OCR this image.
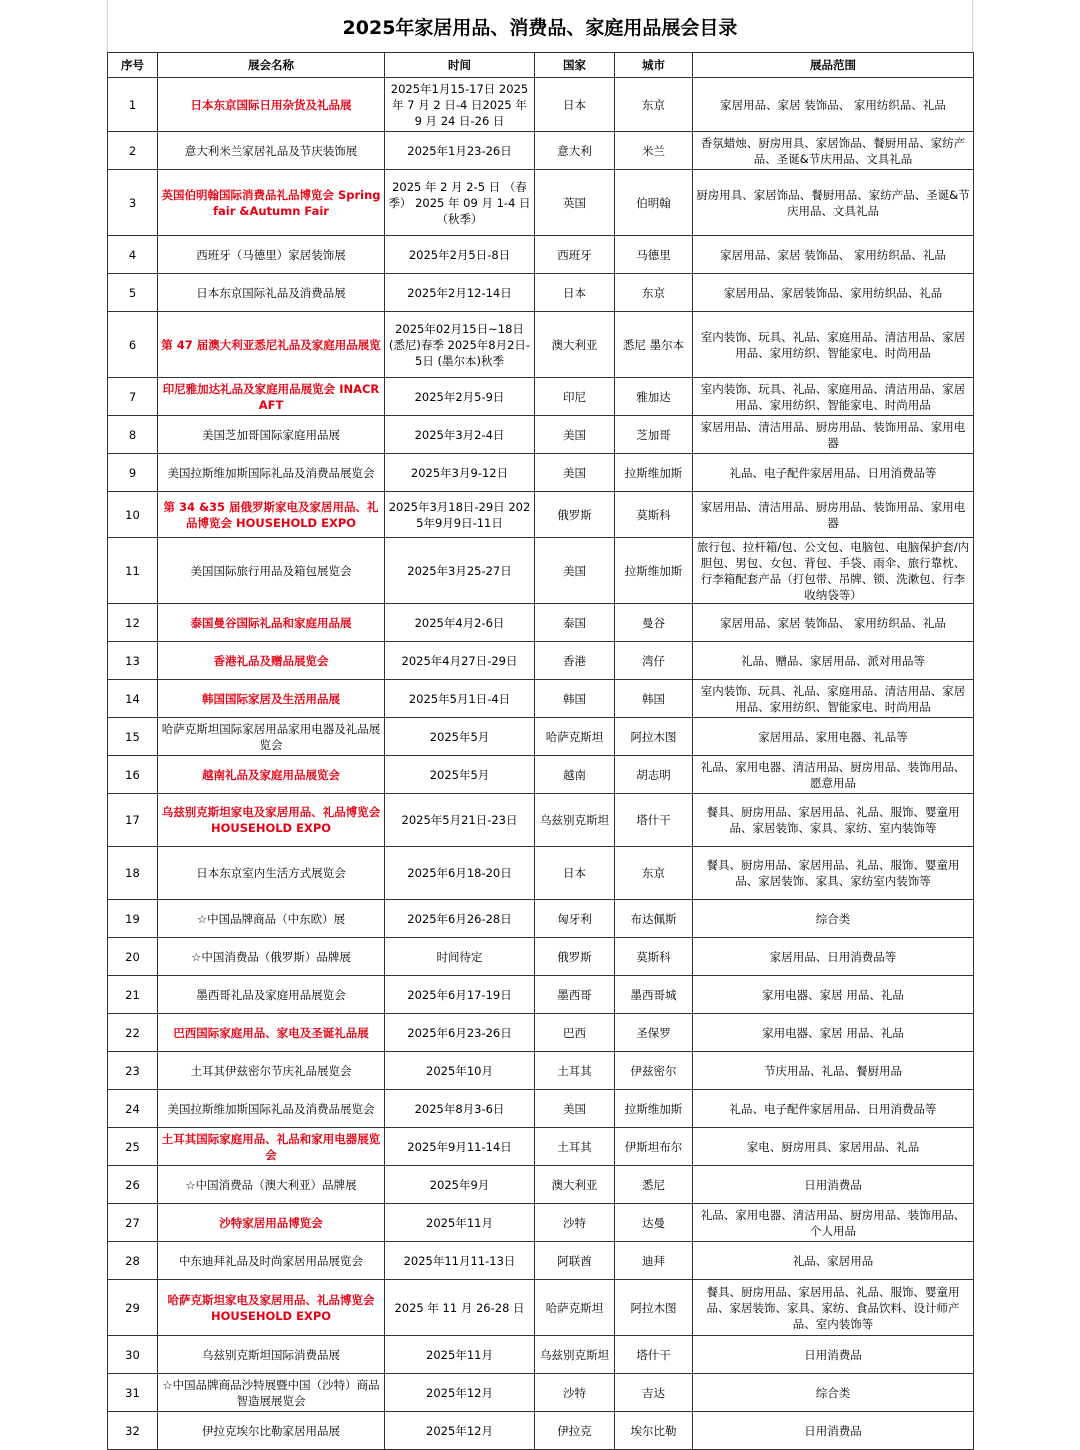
2025年家居用品、消费品、家庭用品展会目录
序号	展会名称	时间	国家	城市	展品范围
1	日本东京国际日用杂货及礼品展	2025年1月15-17日 2025年 7 月 2 日-4 日2025 年 9 月 24 日-26 日	日本	东京	家居用品、家居 装饰品、 家用纺织品、礼品
2	意大利米兰家居礼品及节庆装饰展	2025年1月23-26日	意大利	米兰	香氛蜡烛、厨房用具、家居饰品、餐厨用品、家纺产品、圣诞&节庆用品、文具礼品
3	英国伯明翰国际消费品礼品博览会 Spring fair &Autumn Fair	2025 年 2 月 2-5 日 （春季） 2025 年 09 月 1-4 日 （秋季）	英国	伯明翰	厨房用具、家居饰品、餐厨用品、家纺产品、圣诞&节庆用品、文具礼品
4	西班牙（马德里）家居装饰展	2025年2月5日-8日	西班牙	马德里	家居用品、家居 装饰品、 家用纺织品、礼品
5	日本东京国际礼品及消费品展	2025年2月12-14日	日本	东京	家居用品、家居装饰品、家用纺织品、礼品
6	第 47 届澳大利亚悉尼礼品及家庭用品展览	2025年02月15日~18日 (悉尼)春季 2025年8月2日-5日 (墨尔本)秋季	澳大利亚	悉尼 墨尔本	室内装饰、玩具、礼品、家庭用品、清洁用品、家居用品、家用纺织、智能家电、时尚用品
7	印尼雅加达礼品及家庭用品展览会 INACRAFT	2025年2月5-9日	印尼	雅加达	室内装饰、玩具、礼品、家庭用品、清洁用品、家居用品、家用纺织、智能家电、时尚用品
8	美国芝加哥国际家庭用品展	2025年3月2-4日	美国	芝加哥	家居用品、清洁用品、厨房用品、装饰用品、家用电器
9	美国拉斯维加斯国际礼品及消费品展览会	2025年3月9-12日	美国	拉斯维加斯	礼品、电子配件家居用品、日用消费品等
10	第 34 &35 届俄罗斯家电及家居用品、礼品博览会 HOUSEHOLD EXPO	2025年3月18日-29日 2025年9月9日-11日	俄罗斯	莫斯科	家居用品、清洁用品、厨房用品、装饰用品、家用电器
11	美国国际旅行用品及箱包展览会	2025年3月25-27日	美国	拉斯维加斯	旅行包、拉杆箱/包、公文包、电脑包、电脑保护套/内胆包、男包、女包、背包、手袋、雨伞、旅行靠枕、行李箱配套产品（打包带、吊牌、锁、洗漱包、行李收纳袋等）
12	泰国曼谷国际礼品和家庭用品展	2025年4月2-6日	泰国	曼谷	家居用品、家居 装饰品、 家用纺织品、礼品
13	香港礼品及赠品展览会	2025年4月27日-29日	香港	湾仔	礼品、赠品、家居用品、派对用品等
14	韩国国际家居及生活用品展	2025年5月1日-4日	韩国	韩国	室内装饰、玩具、礼品、家庭用品、清洁用品、家居用品、家用纺织、智能家电、时尚用品
15	哈萨克斯坦国际家居用品家用电器及礼品展览会	2025年5月	哈萨克斯坦	阿拉木图	家居用品、家用电器、礼品等
16	越南礼品及家庭用品展览会	2025年5月	越南	胡志明	礼品、家用电器、清洁用品、厨房用品、装饰用品、愿意用品
17	乌兹别克斯坦家电及家居用品、礼品博览会 HOUSEHOLD EXPO	2025年5月21日-23日	乌兹别克斯坦	塔什干	餐具、厨房用品、家居用品、礼品、服饰、婴童用品、家居装饰、家具、家纺、室内装饰等
18	日本东京室内生活方式展览会	2025年6月18-20日	日本	东京	餐具、厨房用品、家居用品、礼品、服饰、婴童用品、家居装饰、家具、家纺室内装饰等
19	☆中国品牌商品（中东欧）展	2025年6月26-28日	匈牙利	布达佩斯	综合类
20	☆中国消费品（俄罗斯）品牌展	时间待定	俄罗斯	莫斯科	家居用品、日用消费品等
21	墨西哥礼品及家庭用品展览会	2025年6月17-19日	墨西哥	墨西哥城	家用电器、家居 用品、礼品
22	巴西国际家庭用品、家电及圣诞礼品展	2025年6月23-26日	巴西	圣保罗	家用电器、家居 用品、礼品
23	土耳其伊兹密尔节庆礼品展览会	2025年10月	土耳其	伊兹密尔	节庆用品、礼品、餐厨用品
24	美国拉斯维加斯国际礼品及消费品展览会	2025年8月3-6日	美国	拉斯维加斯	礼品、电子配件家居用品、日用消费品等
25	土耳其国际家庭用品、礼品和家用电器展览会	2025年9月11-14日	土耳其	伊斯坦布尔	家电、厨房用具、家居用品、礼品
26	☆中国消费品（澳大利亚）品牌展	2025年9月	澳大利亚	悉尼	日用消费品
27	沙特家居用品博览会	2025年11月	沙特	达曼	礼品、家用电器、清洁用品、厨房用品、装饰用品、个人用品
28	中东迪拜礼品及时尚家居用品展览会	2025年11月11-13日	阿联酋	迪拜	礼品、家居用品
29	哈萨克斯坦家电及家居用品、礼品博览会 HOUSEHOLD EXPO	2025 年 11 月 26-28 日	哈萨克斯坦	阿拉木图	餐具、厨房用品、家居用品、礼品、服饰、婴童用品、家居装饰、家具、家纺、食品饮料、设计师产品、室内装饰等
30	乌兹别克斯坦国际消费品展	2025年11月	乌兹别克斯坦	塔什干	日用消费品
31	☆中国品牌商品沙特展暨中国（沙特）商品智造展展览会	2025年12月	沙特	吉达	综合类
32	伊拉克埃尔比勒家居用品展	2025年12月	伊拉克	埃尔比勒	日用消费品
